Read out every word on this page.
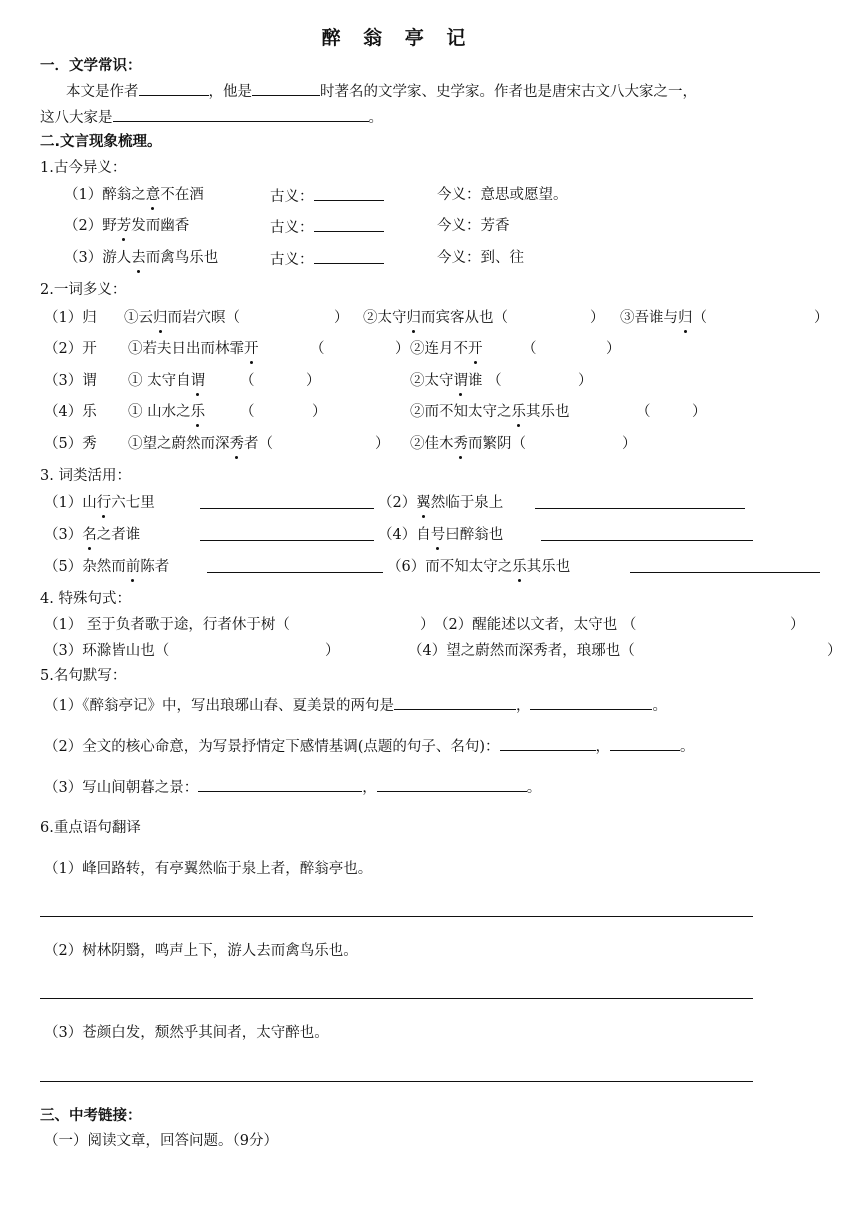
醉 翁 亭 记
一．文学常识：
本文是作者	，他是	时著名的文学家、史学家。作者也是唐宋古文八大家之一，
这八大家是	。
二.文言现象梳理。
1.古今异义：
（1）醉翁之意不在酒	古义：	今义：意思或愿望。
（2）野芳发而幽香	古义：	今义：芳香
（3）游人去而禽鸟乐也	古义：	今义：到、往
2.一词多义：
（1）归 ①云归而岩穴暝（	） ②太守归而宾客从也（	） ③吾谁与归（	）
（2）开 ①若夫日出而林霏开	（	） ②连月不开	（	）
（3）谓 ① 太守自谓 （	）	②太守谓谁 （	）
（4）乐 ① 山水之乐 （	）	②而不知太守之乐其乐也	（	）
（5）秀 ①望之蔚然而深秀者（	） ②佳木秀而繁阴（	）
3. 词类活用：
（1）山行六七里	（2）翼然临于泉上
（3）名之者谁	（4）自号曰醉翁也
（5）杂然而前陈者	（6）而不知太守之乐其乐也
4. 特殊句式：
（1） 至于负者歌于途，行者休于树（	） （2）醒能述以文者，太守也 （	）
（3）环滁皆山也（	）	（4）望之蔚然而深秀者，琅琊也（	）
5.名句默写：
（1）《醉翁亭记》中，写出琅琊山春、夏美景的两句是	，	。
（2）全文的核心命意，为写景抒情定下感情基调(点题的句子、名句)：	，	。
（3）写山间朝暮之景：	，	。
6.重点语句翻译
（1）峰回路转，有亭翼然临于泉上者，醉翁亭也。
（2）树林阴翳，鸣声上下，游人去而禽鸟乐也。
（3）苍颜白发，颓然乎其间者，太守醉也。
三、中考链接：
（一）阅读文章，回答问题。（9分）
